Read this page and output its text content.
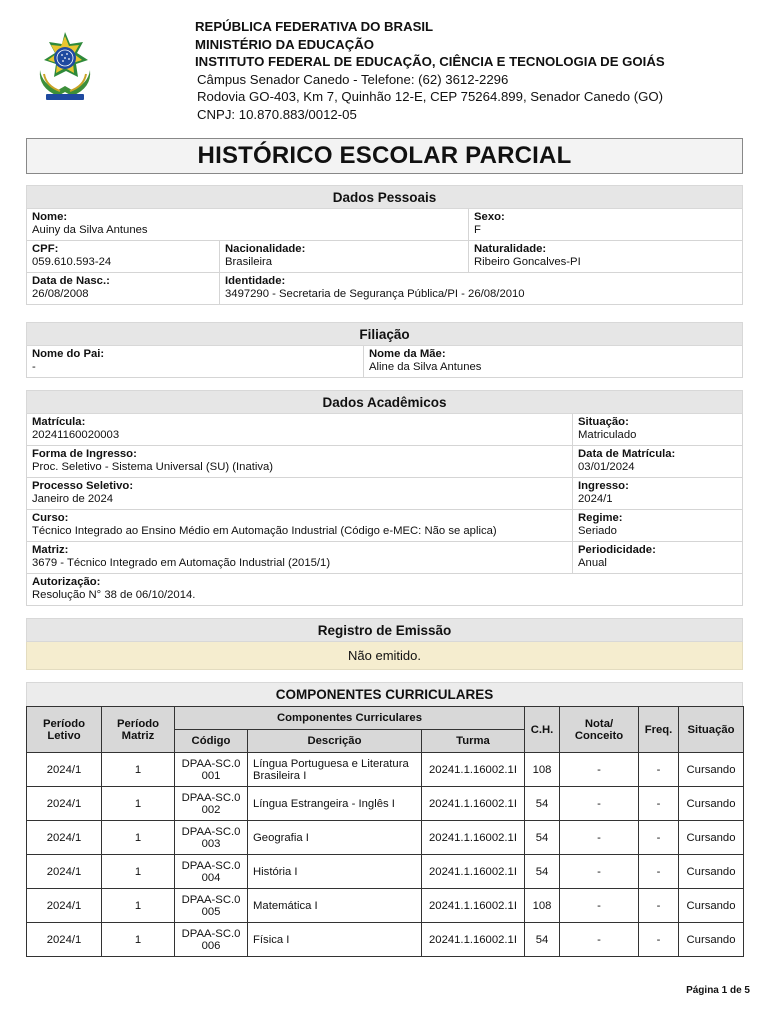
REPÚBLICA FEDERATIVA DO BRASIL
MINISTÉRIO DA EDUCAÇÃO
INSTITUTO FEDERAL DE EDUCAÇÃO, CIÊNCIA E TECNOLOGIA DE GOIÁS
Câmpus Senador Canedo - Telefone: (62) 3612-2296
Rodovia GO-403, Km 7, Quinhão 12-E, CEP 75264.899, Senador Canedo (GO)
CNPJ: 10.870.883/0012-05
HISTÓRICO ESCOLAR PARCIAL
Dados Pessoais
Nome:
Auiny da Silva Antunes
Sexo:
F
CPF:
059.610.593-24
Nacionalidade:
Brasileira
Naturalidade:
Ribeiro Goncalves-PI
Data de Nasc.:
26/08/2008
Identidade:
3497290 - Secretaria de Segurança Pública/PI - 26/08/2010
Filiação
Nome do Pai:
-
Nome da Mãe:
Aline da Silva Antunes
Dados Acadêmicos
Matrícula:
20241160020003
Situação:
Matriculado
Forma de Ingresso:
Proc. Seletivo - Sistema Universal (SU) (Inativa)
Data de Matrícula:
03/01/2024
Processo Seletivo:
Janeiro de 2024
Ingresso:
2024/1
Curso:
Técnico Integrado ao Ensino Médio em Automação Industrial (Código e-MEC: Não se aplica)
Regime:
Seriado
Matriz:
3679 - Técnico Integrado em Automação Industrial (2015/1)
Periodicidade:
Anual
Autorização:
Resolução N° 38 de 06/10/2014.
Registro de Emissão
Não emitido.
COMPONENTES CURRICULARES
Período Letivo	Período Matriz	Componentes Curriculares			C.H.	Nota/ Conceito	Freq.	Situação
		Código	Descrição	Turma				
2024/1	1	DPAA-SC.0 001	Língua Portuguesa e Literatura Brasileira I	20241.1.16002.1I	108	-	-	Cursando
2024/1	1	DPAA-SC.0 002	Língua Estrangeira - Inglês I	20241.1.16002.1I	54	-	-	Cursando
2024/1	1	DPAA-SC.0 003	Geografia I	20241.1.16002.1I	54	-	-	Cursando
2024/1	1	DPAA-SC.0 004	História I	20241.1.16002.1I	54	-	-	Cursando
2024/1	1	DPAA-SC.0 005	Matemática I	20241.1.16002.1I	108	-	-	Cursando
2024/1	1	DPAA-SC.0 006	Física I	20241.1.16002.1I	54	-	-	Cursando
Página 1 de 5
